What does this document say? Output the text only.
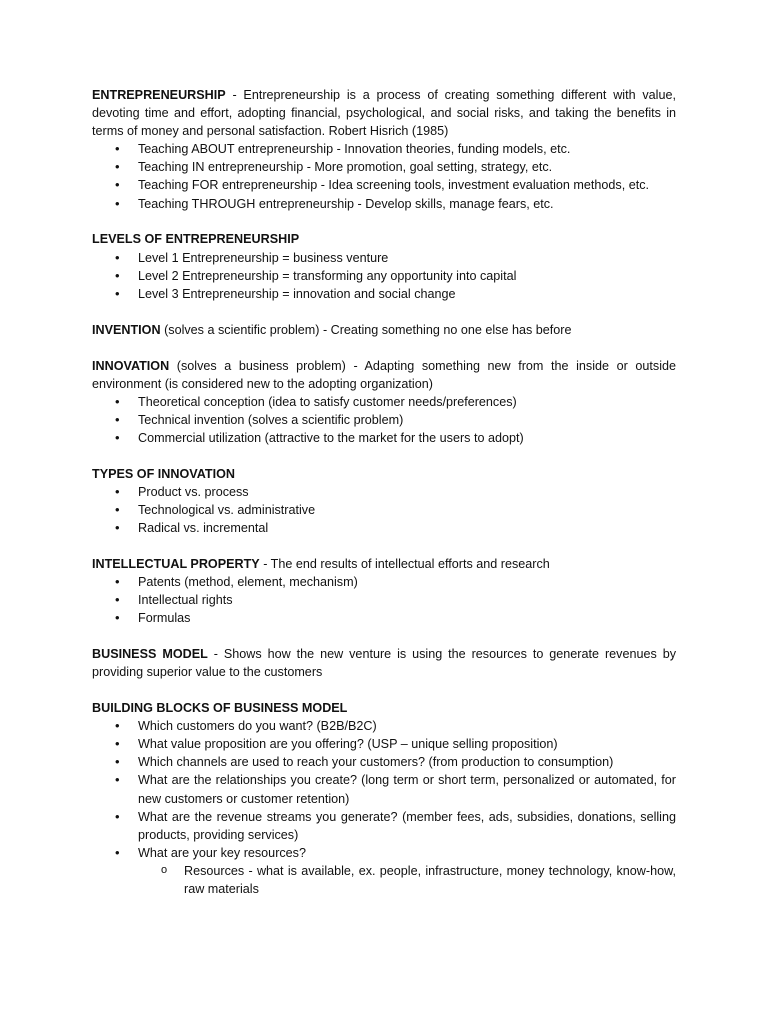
ENTREPRENEURSHIP - Entrepreneurship is a process of creating something different with value, devoting time and effort, adopting financial, psychological, and social risks, and taking the benefits in terms of money and personal satisfaction. Robert Hisrich (1985)

• Teaching ABOUT entrepreneurship - Innovation theories, funding models, etc.
• Teaching IN entrepreneurship - More promotion, goal setting, strategy, etc.
• Teaching FOR entrepreneurship - Idea screening tools, investment evaluation methods, etc.
• Teaching THROUGH entrepreneurship - Develop skills, manage fears, etc.

LEVELS OF ENTREPRENEURSHIP

• Level 1 Entrepreneurship = business venture
• Level 2 Entrepreneurship = transforming any opportunity into capital
• Level 3 Entrepreneurship = innovation and social change

INVENTION (solves a scientific problem) - Creating something no one else has before

INNOVATION (solves a business problem) - Adapting something new from the inside or outside environment (is considered new to the adopting organization)

• Theoretical conception (idea to satisfy customer needs/preferences)
• Technical invention (solves a scientific problem)
• Commercial utilization (attractive to the market for the users to adopt)

TYPES OF INNOVATION

• Product vs. process
• Technological vs. administrative
• Radical vs. incremental

INTELLECTUAL PROPERTY - The end results of intellectual efforts and research

• Patents (method, element, mechanism)
• Intellectual rights
• Formulas

BUSINESS MODEL - Shows how the new venture is using the resources to generate revenues by providing superior value to the customers

BUILDING BLOCKS OF BUSINESS MODEL

• Which customers do you want? (B2B/B2C)
• What value proposition are you offering? (USP – unique selling proposition)
• Which channels are used to reach your customers? (from production to consumption)
• What are the relationships you create? (long term or short term, personalized or automated, for new customers or customer retention)
• What are the revenue streams you generate? (member fees, ads, subsidies, donations, selling products, providing services)
• What are your key resources?
o Resources - what is available, ex. people, infrastructure, money technology, know-how, raw materials
